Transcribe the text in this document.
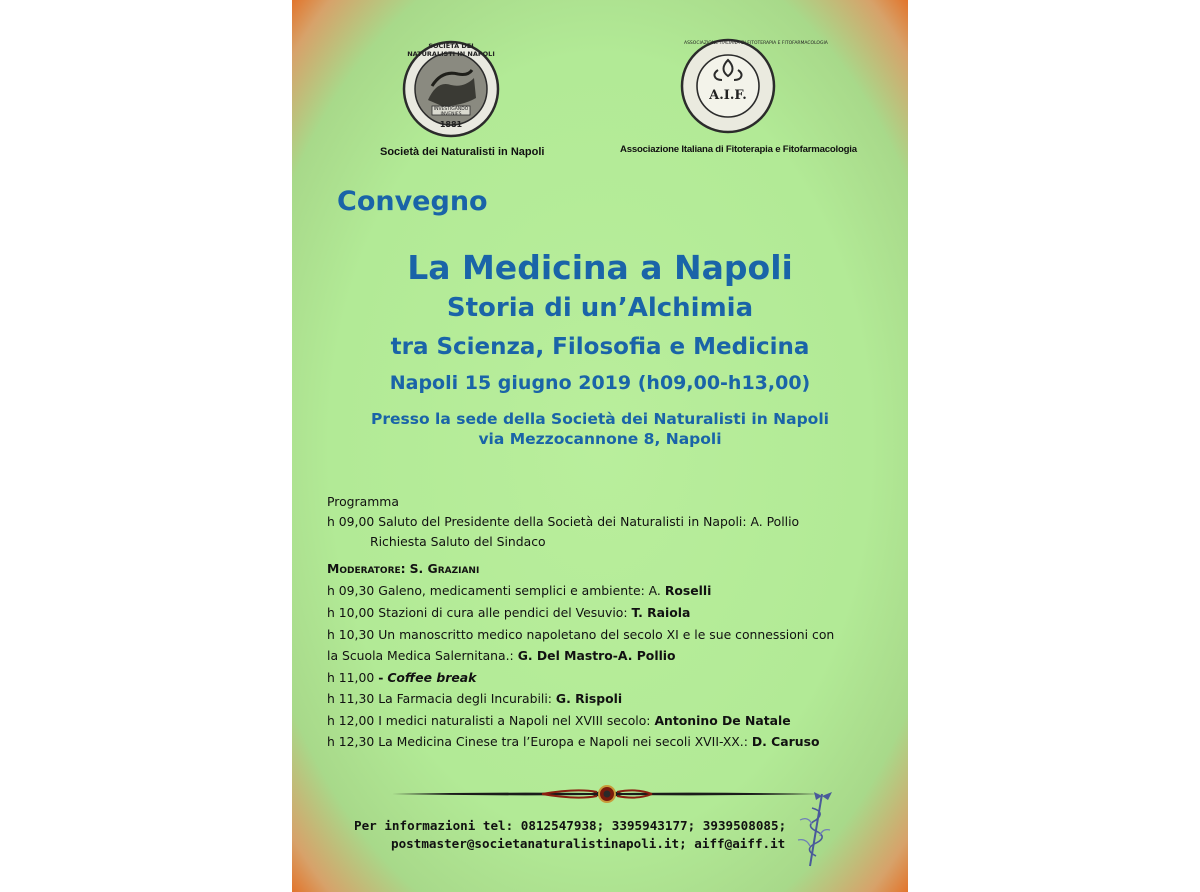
SOCIETÀ DEI NATURALISTI IN NAPOLI
INVESTIGANDO INVENIES
1881
Società dei Naturalisti in Napoli
A.I.F.
ASSOCIAZIONE ITALIANA DI FITOTERAPIA E FITOFARMACOLOGIA
Associazione Italiana di Fitoterapia e Fitofarmacologia
Convegno
La Medicina a Napoli
Storia di un’Alchimia
tra Scienza, Filosofia e Medicina
Napoli 15 giugno 2019 (h09,00-h13,00)
Presso la sede della Società dei Naturalisti in Napoli
via Mezzocannone 8, Napoli
Programma
h 09,00 Saluto del Presidente della Società dei Naturalisti in Napoli: A. Pollio
Richiesta Saluto del Sindaco
Moderatore: S. Graziani
h 09,30 Galeno, medicamenti semplici e ambiente: A. Roselli
h 10,00 Stazioni di cura alle pendici del Vesuvio: T. Raiola
h 10,30 Un manoscritto medico napoletano del secolo XI e le sue connessioni con
la Scuola Medica Salernitana.: G. Del Mastro-A. Pollio
h 11,00 - Coffee break
h 11,30 La Farmacia degli Incurabili: G. Rispoli
h 12,00 I medici naturalisti a Napoli nel XVIII secolo: Antonino De Natale
h 12,30 La Medicina Cinese tra l’Europa e Napoli nei secoli XVII-XX.: D. Caruso
Per informazioni tel: 0812547938; 3395943177; 3939508085;
postmaster@societanaturalistinapoli.it; aiff@aiff.it
